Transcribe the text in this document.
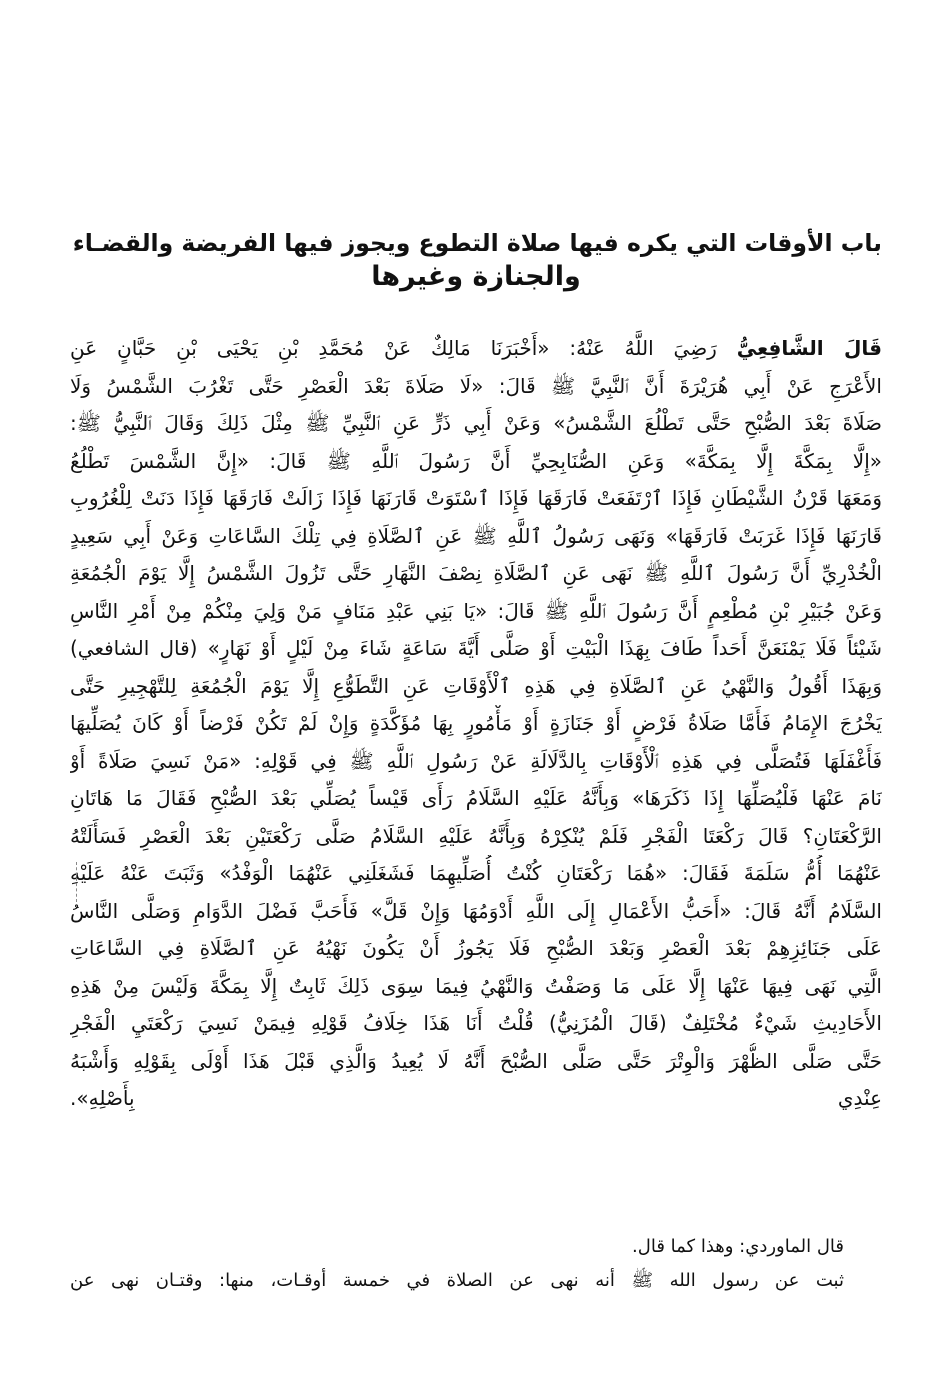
باب الأوقات التي يكره فيها صلاة التطوع ويجوز فيها الفريضة والقضـاء
والجنازة وغيرها
قَالَ الشَّافِعِيُّ رَضِيَ اللَّهُ عَنْهُ: «أَخْبَرَنَا مَالِكٌ عَنْ مُحَمَّدِ بْنِ يَحْيَى بْنِ حَبَّانٍ عَنِ
الأَعْرَجِ عَنْ أَبِي هُرَيْرَةَ أَنَّ ٱلنَّبِيَّ ﷺ قَالَ: «لَا صَلَاةَ بَعْدَ الْعَصْرِ حَتَّى تَغْرُبَ الشَّمْسُ وَلَا
صَلَاةَ بَعْدَ الصُّبْحِ حَتَّى تَطْلُعَ الشَّمْسُ» وَعَنْ أَبِي ذَرٍّ عَنِ ٱلنَّبِيِّ ﷺ مِثْلَ ذَلِكَ وَقَالَ ٱلنَّبِيُّ ﷺ:
«إِلَّا بِمَكَّةَ إِلَّا بِمَكَّةَ» وَعَنِ الصُّنَابِحِيِّ أَنَّ رَسُولَ ٱللَّهِ ﷺ قَالَ: «إِنَّ الشَّمْسَ تَطْلُعُ
وَمَعَهَا قَرْنُ الشَّيْطَانِ فَإِذَا ٱرْتَفَعَتْ فَارَقَهَا فَإِذَا ٱسْتَوَتْ قَارَنَهَا فَإِذَا زَالَتْ فَارَقَهَا فَإِذَا دَنَتْ لِلْغُرُوبِ
قَارَنَهَا فَإِذَا غَرَبَتْ فَارَقَهَا» وَنَهَى رَسُولُ ٱللَّهِ ﷺ عَنِ ٱلصَّلَاةِ فِي تِلْكَ السَّاعَاتِ وَعَنْ أَبِي سَعِيدٍ
الْخُدْرِيِّ أَنَّ رَسُولَ ٱللَّهِ ﷺ نَهَى عَنِ ٱلصَّلَاةِ نِصْفَ النَّهَارِ حَتَّى تَزُولَ الشَّمْسُ إِلَّا يَوْمَ الْجُمُعَةِ
وَعَنْ جُبَيْرِ بْنِ مُطْعِمٍ أَنَّ رَسُولَ ٱللَّهِ ﷺ قَالَ: «يَا بَنِي عَبْدِ مَنَافٍ مَنْ وَلِيَ مِنْكُمْ مِنْ أَمْرِ النَّاسِ
شَيْئاً فَلَا يَمْنَعَنَّ أَحَداً طَافَ بِهَذَا الْبَيْتِ أَوْ صَلَّى أَيَّةَ سَاعَةٍ شَاءَ مِنْ لَيْلٍ أَوْ نَهَارٍ» (قال الشافعي)
وَبِهَذَا أَقُولُ وَالنَّهْيُ عَنِ ٱلصَّلَاةِ فِي هَذِهِ ٱلْأَوْقَاتِ عَنِ التَّطَوُّعِ إِلَّا يَوْمَ الْجُمُعَةِ لِلتَّهْجِيرِ حَتَّى
يَخْرُجَ الإِمَامُ فَأَمَّا صَلَاةُ فَرْضٍ أَوْ جَنَازَةٍ أَوْ مَأْمُورٍ بِهَا مُؤَكَّدَةٍ وَإِنْ لَمْ تَكُنْ فَرْضاً أَوْ كَانَ يُصَلِّيهَا
فَأَغْفَلَهَا فَتُصَلَّى فِي هَذِهِ ٱلْأَوْقَاتِ بِالدَّلَالَةِ عَنْ رَسُولِ ٱللَّهِ ﷺ فِي قَوْلِهِ: «مَنْ نَسِيَ صَلَاةً أَوْ
نَامَ عَنْهَا فَلْيُصَلِّهَا إِذَا ذَكَرَهَا» وَبِأَنَّهُ عَلَيْهِ السَّلَامُ رَأَى قَيْساً يُصَلِّي بَعْدَ الصُّبْحِ فَقَالَ مَا هَاتَانِ
الرَّكْعَتَانِ؟ قَالَ رَكْعَتَا الْفَجْرِ فَلَمْ يُنْكِرْهُ وَبِأَنَّهُ عَلَيْهِ السَّلَامُ صَلَّى رَكْعَتَيْنِ بَعْدَ الْعَصْرِ فَسَأَلَتْهُ
عَنْهُمَا أُمُّ سَلَمَةَ فَقَالَ: «هُمَا رَكْعَتَانِ كُنْتُ أُصَلِّيهِمَا فَشَغَلَنِي عَنْهُمَا الْوَفْدُ» وَثَبَتَ عَنْهُ عَلَيْهِ
السَّلَامُ أَنَّهُ قَالَ: «أَحَبُّ الأَعْمَالِ إِلَى اللَّهِ أَدْوَمُهَا وَإِنْ قَلَّ» فَأَحَبَّ فَضْلَ الدَّوَامِ وَصَلَّى النَّاسُ
عَلَى جَنَائِزِهِمْ بَعْدَ الْعَصْرِ وَبَعْدَ الصُّبْحِ فَلَا يَجُوزُ أَنْ يَكُونَ نَهْيُهُ عَنِ ٱلصَّلَاةِ فِي السَّاعَاتِ
الَّتِي نَهَى فِيهَا عَنْهَا إِلَّا عَلَى مَا وَصَفْتُ وَالنَّهْيُ فِيمَا سِوَى ذَلِكَ ثَابِتٌ إِلَّا بِمَكَّةَ وَلَيْسَ مِنْ هَذِهِ
الأَحَادِيثِ شَيْءٌ مُخْتَلِفٌ (قَالَ الْمُزَنِيُّ) قُلْتُ أَنَا هَذَا خِلَافُ قَوْلِهِ فِيمَنْ نَسِيَ رَكْعَتَيِ الْفَجْرِ
حَتَّى صَلَّى الظُّهْرَ وَالْوِتْرَ حَتَّى صَلَّى الصُّبْحَ أَنَّهُ لَا يُعِيدُ وَالَّذِي قَبْلَ هَذَا أَوْلَى بِقَوْلِهِ وَأَشْبَهُ
عِنْدِي بِأَصْلِهِ».
قال الماوردي: وهذا كما قال.
ثبت عن رسول الله ﷺ أنه نهى عن الصلاة في خمسة أوقـات، منها: وقتـان نهى عن
